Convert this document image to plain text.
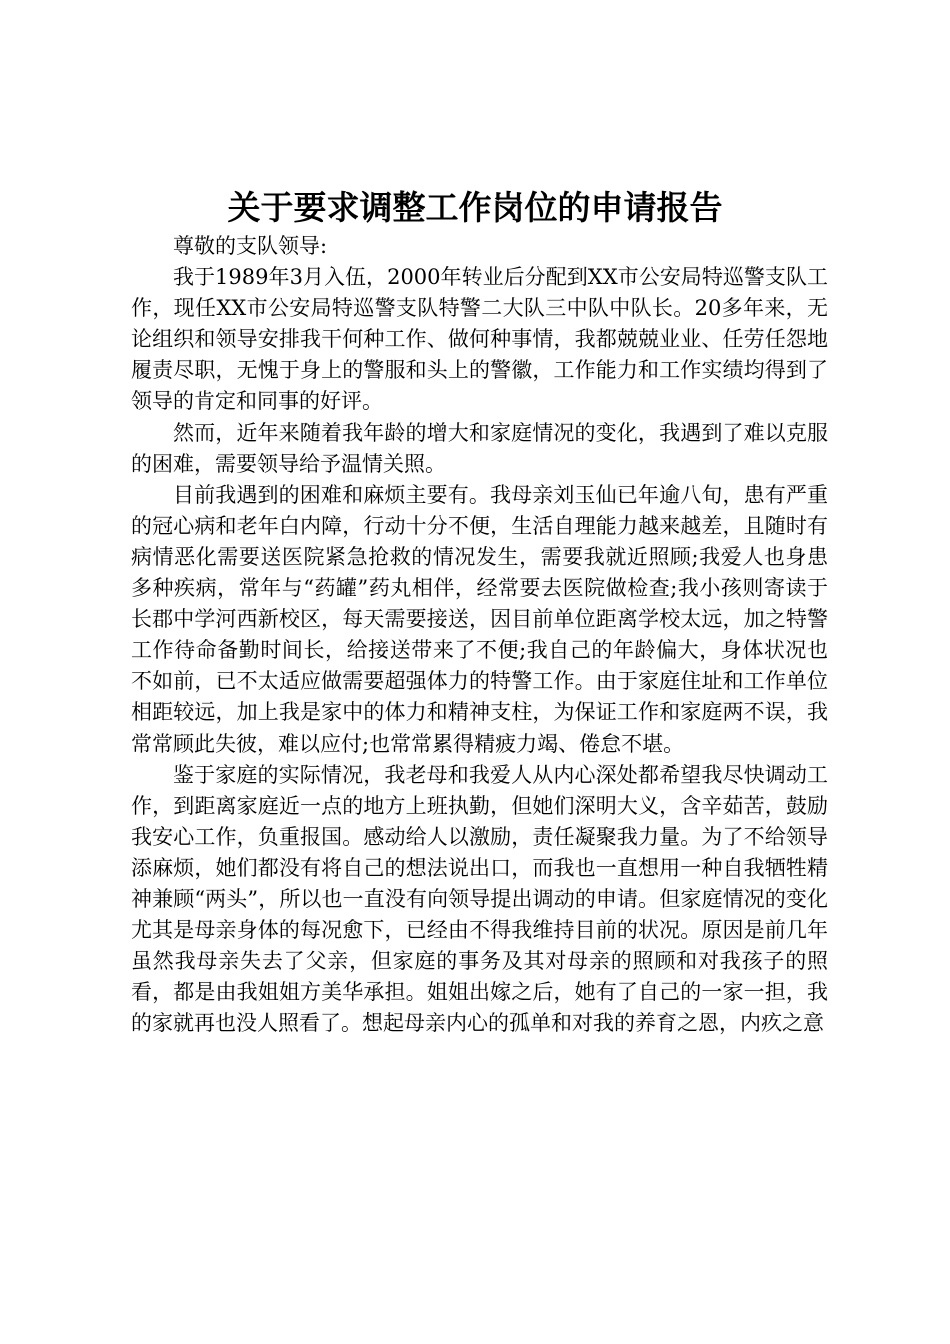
关于要求调整工作岗位的申请报告

尊敬的支队领导:

我于1989年3月入伍，2000年转业后分配到XX市公安局特巡警支队工作，现任XX市公安局特巡警支队特警二大队三中队中队长。20多年来，无论组织和领导安排我干何种工作、做何种事情，我都兢兢业业、任劳任怨地履责尽职，无愧于身上的警服和头上的警徽，工作能力和工作实绩均得到了领导的肯定和同事的好评。

然而，近年来随着我年龄的增大和家庭情况的变化，我遇到了难以克服的困难，需要领导给予温情关照。

目前我遇到的困难和麻烦主要有。我母亲刘玉仙已年逾八旬，患有严重的冠心病和老年白内障，行动十分不便，生活自理能力越来越差，且随时有病情恶化需要送医院紧急抢救的情况发生，需要我就近照顾;我爱人也身患多种疾病，常年与“药罐”药丸相伴，经常要去医院做检查;我小孩则寄读于长郡中学河西新校区，每天需要接送，因目前单位距离学校太远，加之特警工作待命备勤时间长，给接送带来了不便;我自己的年龄偏大，身体状况也不如前，已不太适应做需要超强体力的特警工作。由于家庭住址和工作单位相距较远，加上我是家中的体力和精神支柱，为保证工作和家庭两不误，我常常顾此失彼，难以应付;也常常累得精疲力竭、倦怠不堪。

鉴于家庭的实际情况，我老母和我爱人从内心深处都希望我尽快调动工作，到距离家庭近一点的地方上班执勤，但她们深明大义，含辛茹苦，鼓励我安心工作，负重报国。感动给人以激励，责任凝聚我力量。为了不给领导添麻烦，她们都没有将自己的想法说出口，而我也一直想用一种自我牺牲精神兼顾“两头”，所以也一直没有向领导提出调动的申请。但家庭情况的变化尤其是母亲身体的每况愈下，已经由不得我维持目前的状况。原因是前几年虽然我母亲失去了父亲，但家庭的事务及其对母亲的照顾和对我孩子的照看，都是由我姐姐方美华承担。姐姐出嫁之后，她有了自己的一家一担，我的家就再也没人照看了。想起母亲内心的孤单和对我的养育之恩，内疚之意
